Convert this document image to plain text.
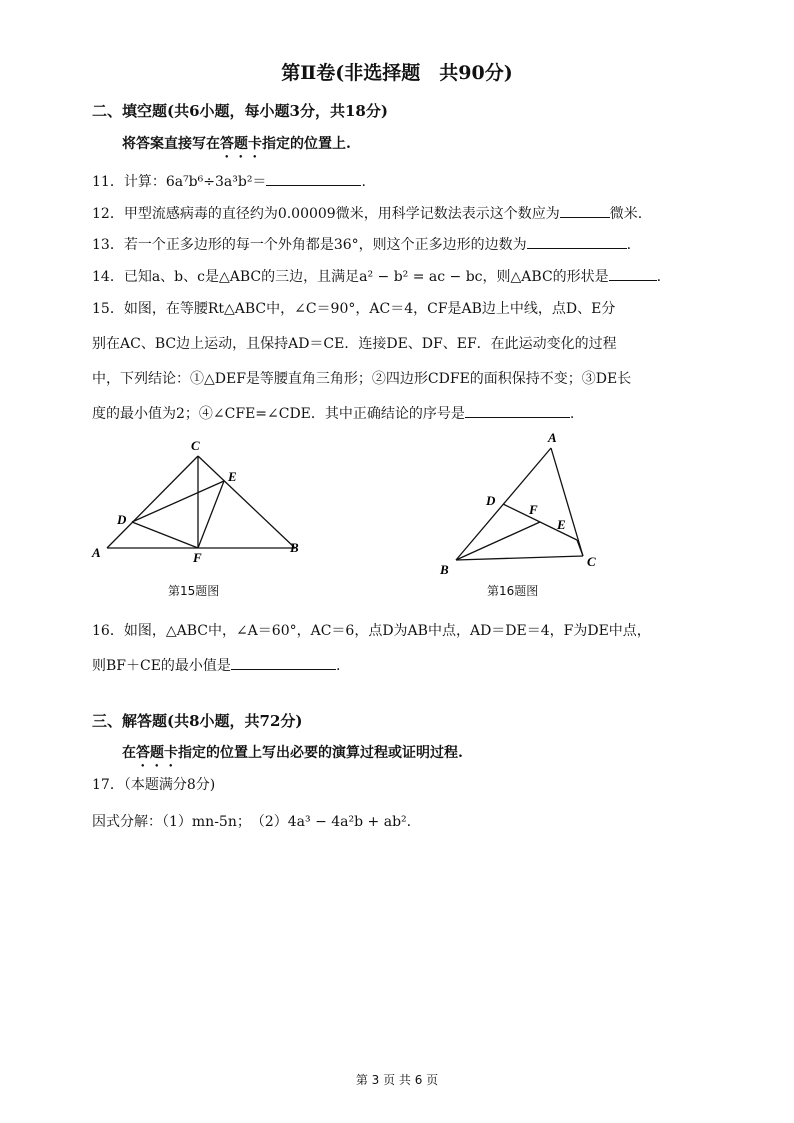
第Ⅱ卷(非选择题　共90分)
二、填空题(共6小题，每小题3分，共18分)
将答案直接写在答题卡指定的位置上.
11．计算：6a⁷b⁶÷3a³b²＝	.
12．甲型流感病毒的直径约为0.00009微米，用科学记数法表示这个数应为	微米.
13．若一个正多边形的每一个外角都是36°，则这个正多边形的边数为	.
14．已知a、b、c是△ABC的三边，且满足a² − b² = ac − bc，则△ABC的形状是	.
15．如图，在等腰Rt△ABC中，∠C＝90°，AC＝4，CF是AB边上中线，点D、E分
别在AC、BC边上运动，且保持AD＝CE．连接DE、DF、EF．在此运动变化的过程
中，下列结论：①△DEF是等腰直角三角形；②四边形CDFE的面积保持不变；③DE长
度的最小值为2；④∠CFE=∠CDE．其中正确结论的序号是	.
A	B
C
D
E
F
第15题图
A
B
C
D
E
F
第16题图
16．如图，△ABC中，∠A＝60°，AC＝6，点D为AB中点，AD＝DE＝4，F为DE中点，
则BF＋CE的最小值是	.
三、解答题(共8小题，共72分)
在答题卡指定的位置上写出必要的演算过程或证明过程.
17．（本题满分8分)
因式分解：（1）mn-5n；　（2）4a³ − 4a²b + ab².
第 3 页 共 6 页
